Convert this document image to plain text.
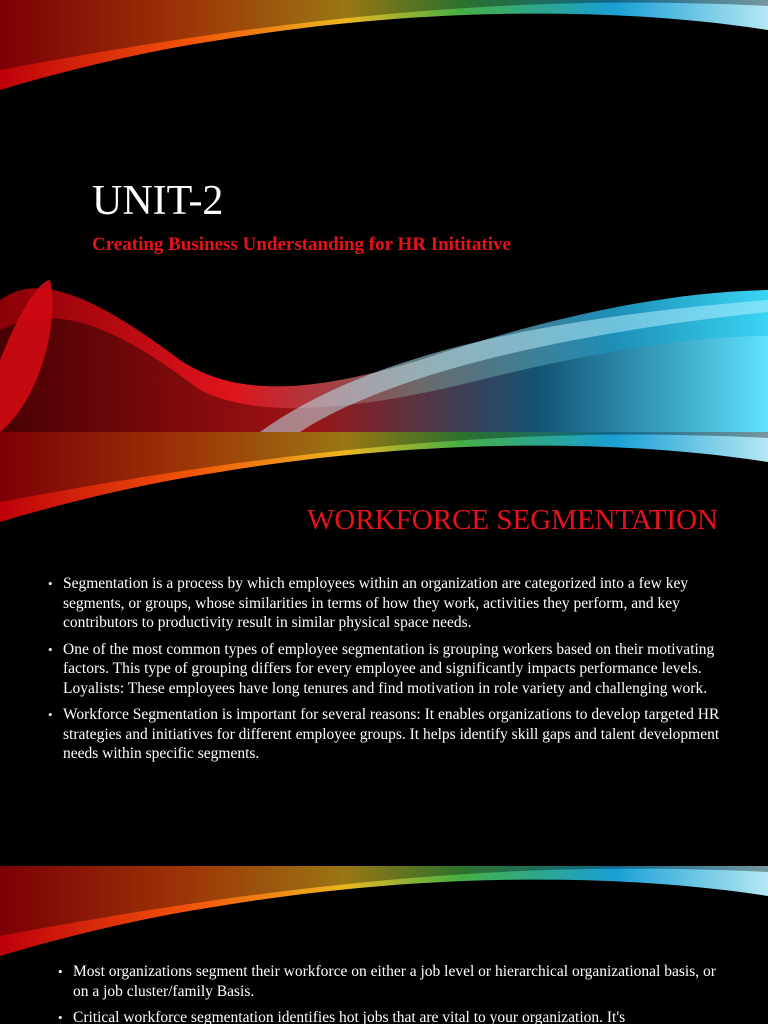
UNIT-2
Creating Business Understanding for HR Inititative
WORKFORCE SEGMENTATION
• Segmentation is a process by which employees within an organization are categorized into a few key segments, or groups, whose similarities in terms of how they work, activities they perform, and key contributors to productivity result in similar physical space needs.
• One of the most common types of employee segmentation is grouping workers based on their motivating factors. This type of grouping differs for every employee and significantly impacts performance levels. Loyalists: These employees have long tenures and find motivation in role variety and challenging work.
• Workforce Segmentation is important for several reasons: It enables organizations to develop targeted HR strategies and initiatives for different employee groups. It helps identify skill gaps and talent development needs within specific segments.
• Most organizations segment their workforce on either a job level or hierarchical organizational basis, or on a job cluster/family Basis.
• Critical workforce segmentation identifies hot jobs that are vital to your organization. It's
